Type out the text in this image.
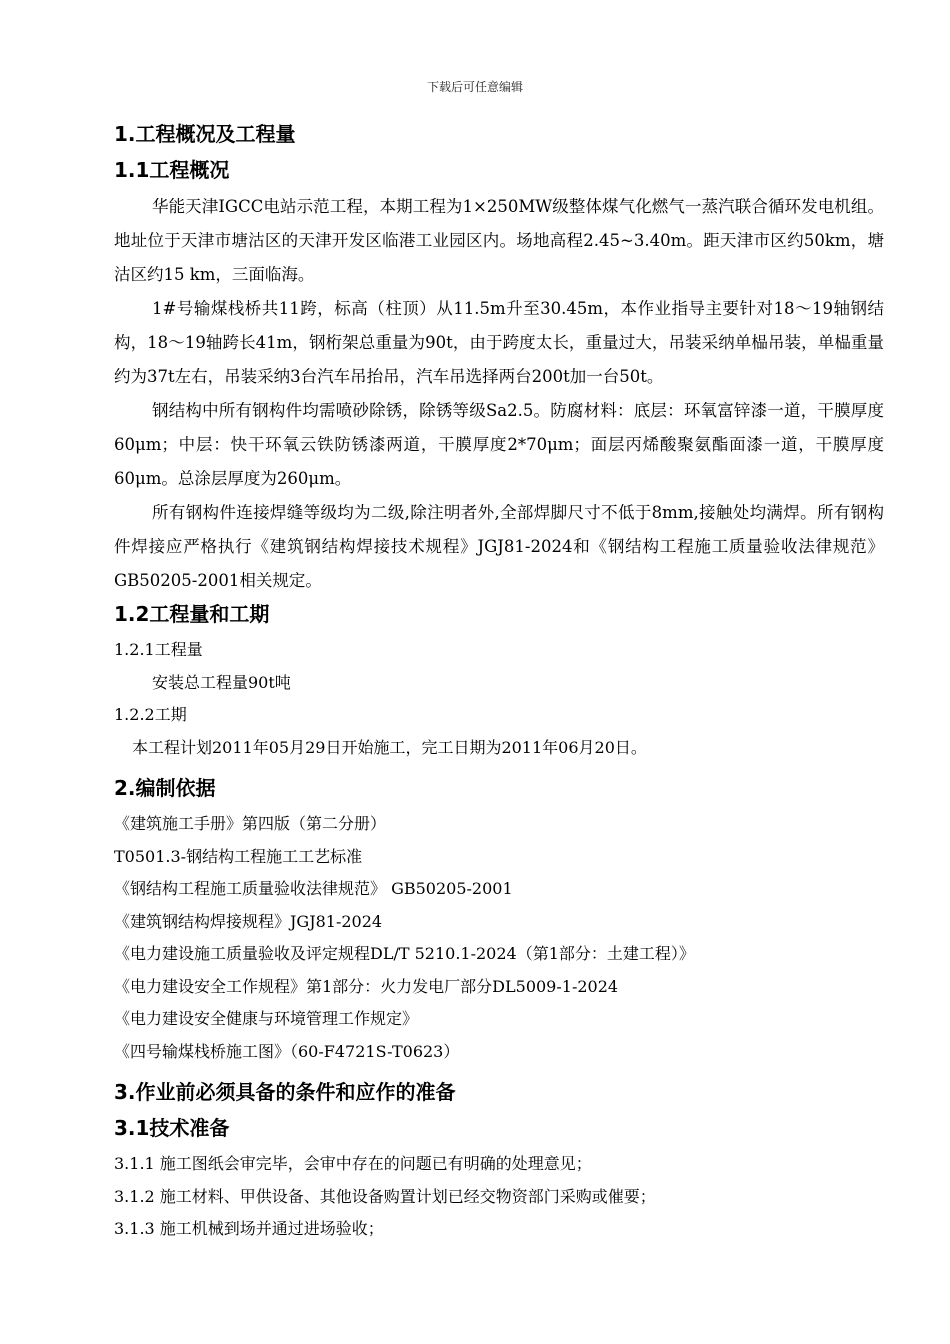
下载后可任意编辑
1.工程概况及工程量
1.1工程概况
华能天津IGCC电站示范工程，本期工程为1×250MW级整体煤气化燃气一蒸汽联合循环发电机组。地址位于天津市塘沽区的天津开发区临港工业园区内。场地高程2.45~3.40m。距天津市区约50km，塘沽区约15 km，三面临海。
1#号输煤栈桥共11跨，标高（柱顶）从11.5m升至30.45m，本作业指导主要针对18～19轴钢结构，18～19轴跨长41m，钢桁架总重量为90t，由于跨度太长，重量过大，吊装采纳单榀吊装，单榀重量约为37t左右，吊装采纳3台汽车吊抬吊，汽车吊选择两台200t加一台50t。
钢结构中所有钢构件均需喷砂除锈，除锈等级Sa2.5。防腐材料：底层：环氧富锌漆一道，干膜厚度60μm；中层：快干环氧云铁防锈漆两道，干膜厚度2*70μm；面层丙烯酸聚氨酯面漆一道，干膜厚度60μm。总涂层厚度为260μm。
所有钢构件连接焊缝等级均为二级,除注明者外,全部焊脚尺寸不低于8mm,接触处均满焊。所有钢构件焊接应严格执行《建筑钢结构焊接技术规程》JGJ81-2024和《钢结构工程施工质量验收法律规范》GB50205-2001相关规定。
1.2工程量和工期
1.2.1工程量
安装总工程量90t吨
1.2.2工期
本工程计划2011年05月29日开始施工，完工日期为2011年06月20日。
2.编制依据
《建筑施工手册》第四版（第二分册）
T0501.3-钢结构工程施工工艺标准
《钢结构工程施工质量验收法律规范》 GB50205-2001
《建筑钢结构焊接规程》JGJ81-2024
《电力建设施工质量验收及评定规程DL/T 5210.1-2024（第1部分：土建工程）》
《电力建设安全工作规程》第1部分：火力发电厂部分DL5009-1-2024
《电力建设安全健康与环境管理工作规定》
《四号输煤栈桥施工图》（60-F4721S-T0623）
3.作业前必须具备的条件和应作的准备
3.1技术准备
3.1.1 施工图纸会审完毕，会审中存在的问题已有明确的处理意见；
3.1.2 施工材料、甲供设备、其他设备购置计划已经交物资部门采购或催要；
3.1.3 施工机械到场并通过进场验收；
